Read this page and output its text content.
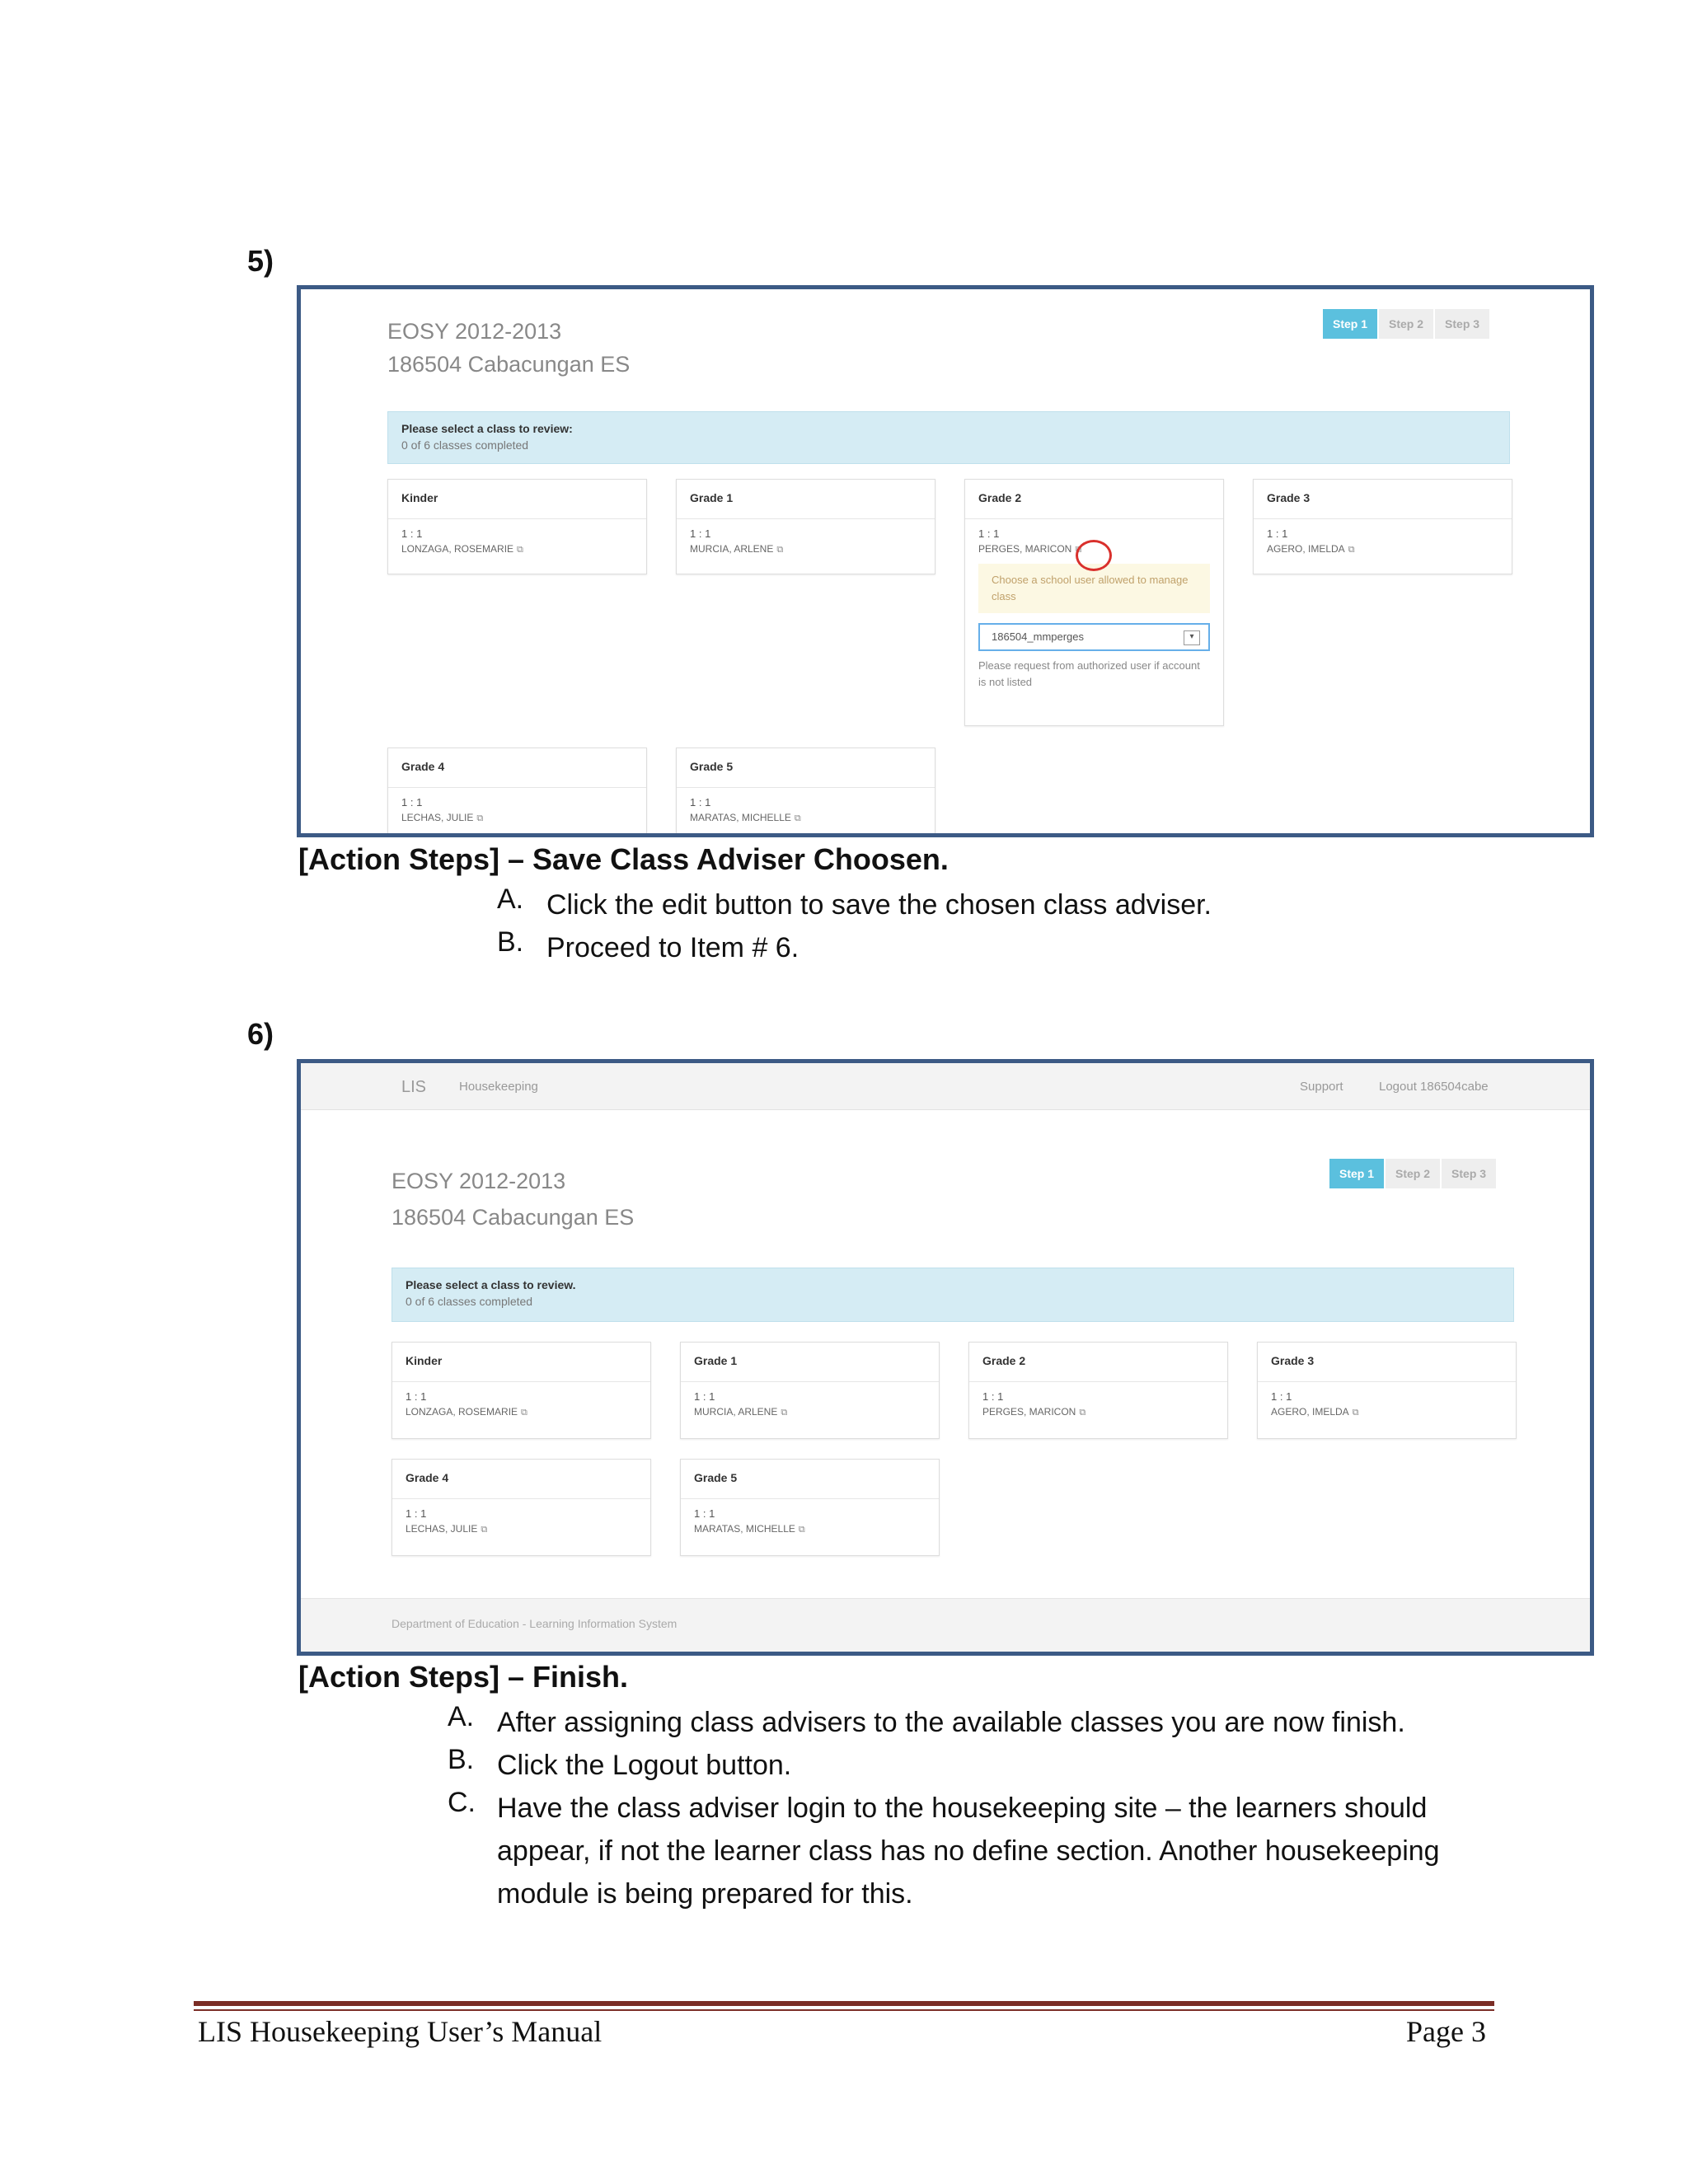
5)
EOSY 2012-2013
186504 Cabacungan ES
Step 1	Step 2	Step 3
Please select a class to review:
0 of 6 classes completed
Kinder
1 : 1
LONZAGA, ROSEMARIE ⧉
Grade 1
1 : 1
MURCIA, ARLENE ⧉
Grade 2
1 : 1
PERGES, MARICON ⧉
Choose a school user allowed to manage class
186504_mmperges	▾
Please request from authorized user if account is not listed
Grade 3
1 : 1
AGERO, IMELDA ⧉
Grade 4
1 : 1
LECHAS, JULIE ⧉
Grade 5
1 : 1
MARATAS, MICHELLE ⧉
[Action Steps] – Save Class Adviser Choosen.
A. Click the edit button to save the chosen class adviser.
B. Proceed to Item # 6.
6)
LIS	Housekeeping	Support	Logout 186504cabe
EOSY 2012-2013
186504 Cabacungan ES
Step 1	Step 2	Step 3
Please select a class to review.
0 of 6 classes completed
Kinder
1 : 1
LONZAGA, ROSEMARIE ⧉
Grade 1
1 : 1
MURCIA, ARLENE ⧉
Grade 2
1 : 1
PERGES, MARICON ⧉
Grade 3
1 : 1
AGERO, IMELDA ⧉
Grade 4
1 : 1
LECHAS, JULIE ⧉
Grade 5
1 : 1
MARATAS, MICHELLE ⧉
Department of Education - Learning Information System
[Action Steps] – Finish.
A. After assigning class advisers to the available classes you are now finish.
B. Click the Logout button.
C. Have the class adviser login to the housekeeping site – the learners should
appear, if not the learner class has no define section. Another housekeeping
module is being prepared for this.
LIS Housekeeping User’s Manual	Page 3
